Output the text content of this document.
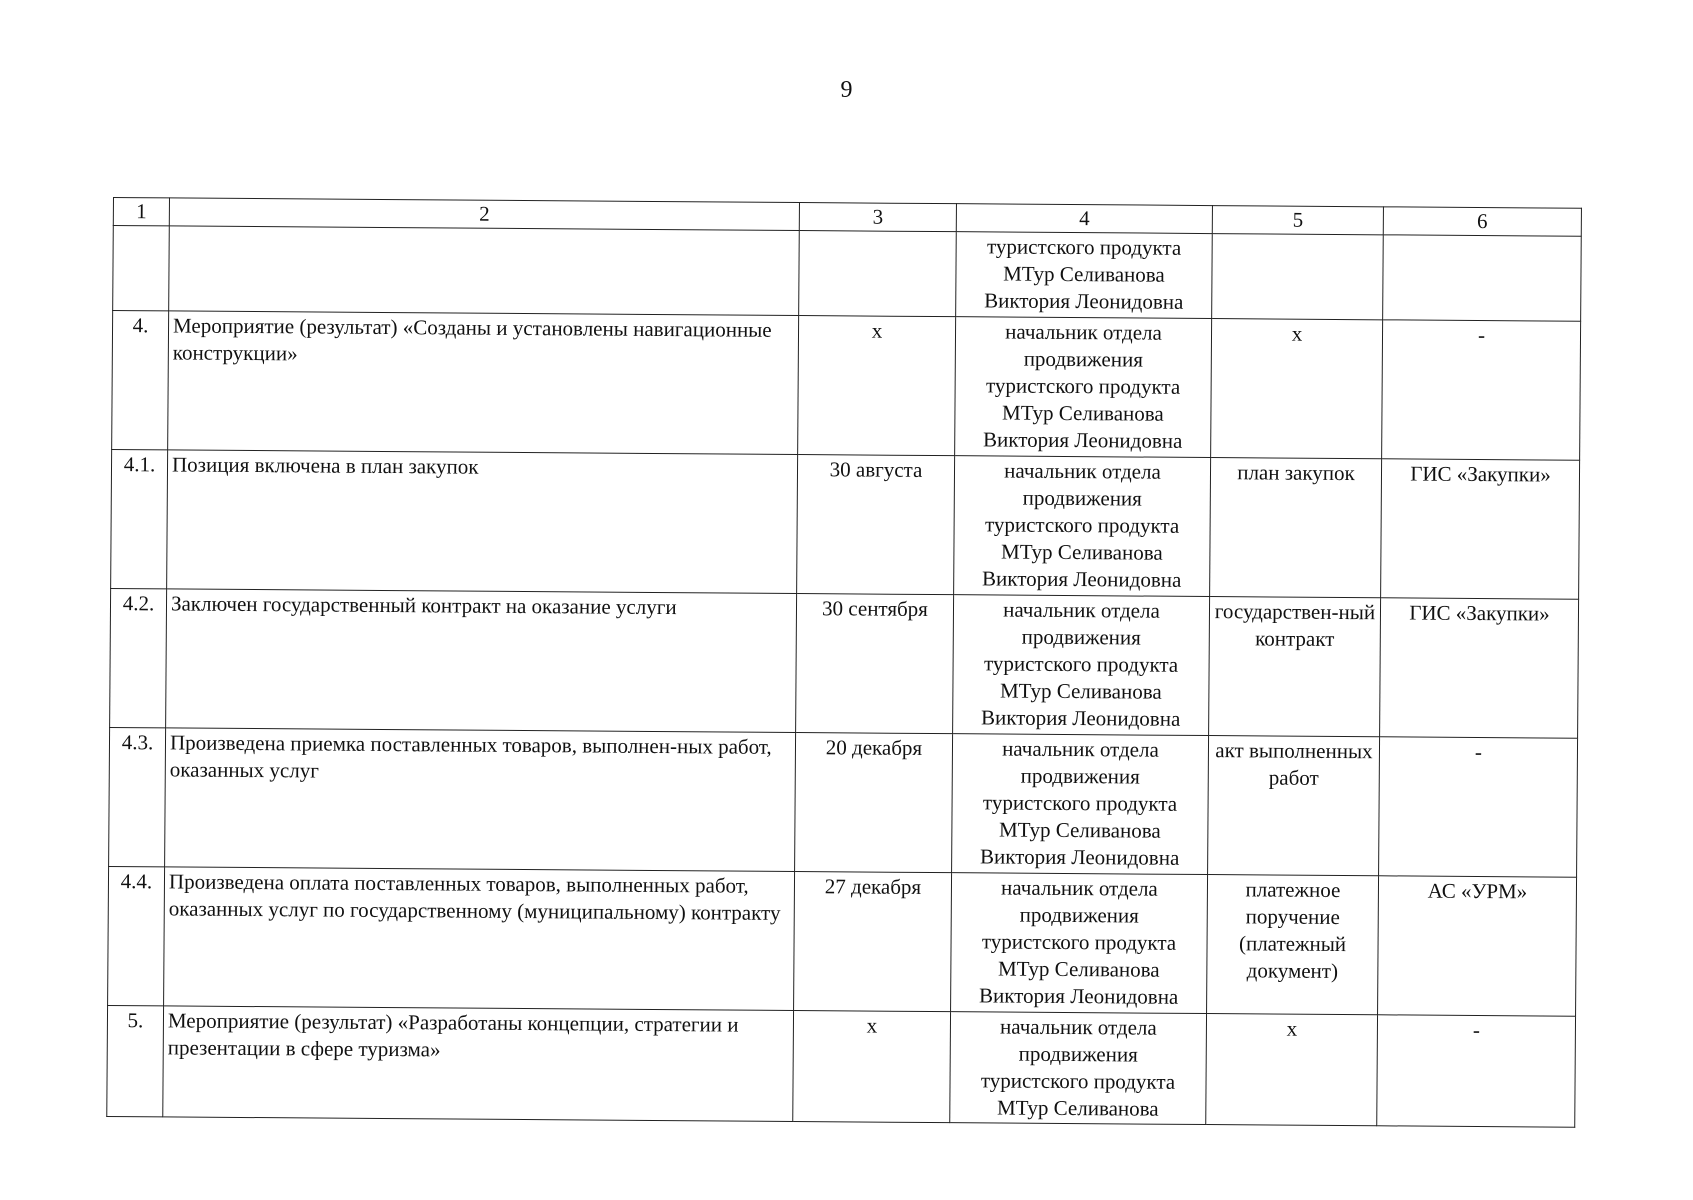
9
1	2	3	4	5	6

			туристского продукта
МТур Селиванова
Виктория Леонидовна		

4.	Мероприятие (результат) «Созданы и установлены навигационные конструкции»	х	начальник отдела
продвижения
туристского продукта
МТур Селиванова
Виктория Леонидовна	х	-
4.1.	Позиция включена в план закупок	30 августа	начальник отдела
продвижения
туристского продукта
МТур Селиванова
Виктория Леонидовна	план закупок	ГИС «Закупки»
4.2.	Заключен государственный контракт на оказание услуги	30 сентября	начальник отдела
продвижения
туристского продукта
МТур Селиванова
Виктория Леонидовна	государствен-ный контракт	ГИС «Закупки»
4.3.	Произведена приемка поставленных товаров, выполнен-ных работ, оказанных услуг	20 декабря	начальник отдела
продвижения
туристского продукта
МТур Селиванова
Виктория Леонидовна	акт выполненных работ	-
4.4.	Произведена оплата поставленных товаров, выполненных работ, оказанных услуг по государственному (муниципальному) контракту	27 декабря	начальник отдела
продвижения
туристского продукта
МТур Селиванова
Виктория Леонидовна	платежное поручение (платежный документ)	АС «УРМ»
5.	Мероприятие (результат) «Разработаны концепции, стратегии и презентации в сфере туризма»	х	начальник отдела
продвижения
туристского продукта
МТур Селиванова	х	-
